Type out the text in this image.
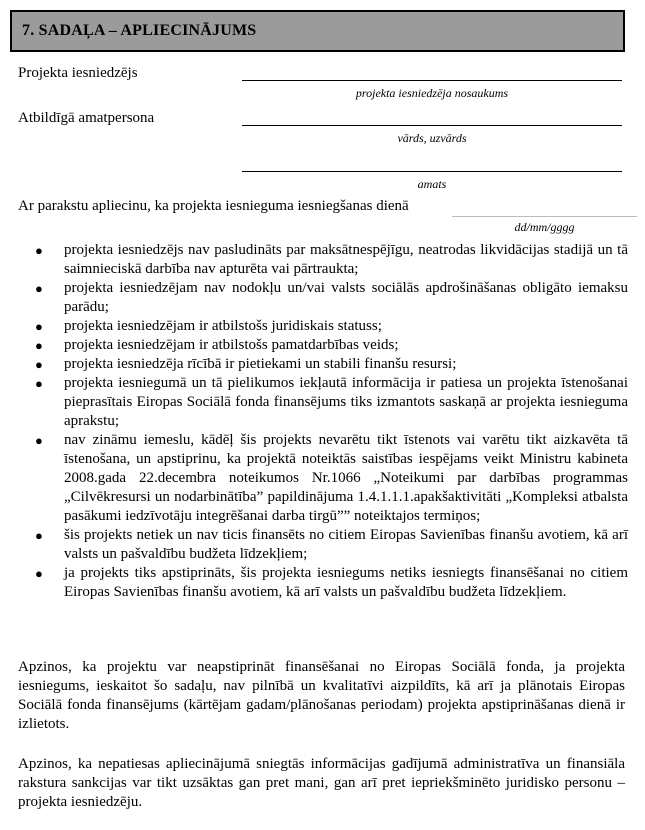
7. SADAĻA – APLIECINĀJUMS
Projekta iesniedzējs
projekta iesniedzēja nosaukums
Atbildīgā amatpersona
vārds, uzvārds
amats
Ar parakstu apliecinu, ka projekta iesnieguma iesniegšanas dienā
dd/mm/gggg
● projekta iesniedzējs nav pasludināts par maksātnespējīgu, neatrodas likvidācijas stadijā un tā saimnieciskā darbība nav apturēta vai pārtraukta;
● projekta iesniedzējam nav nodokļu un/vai valsts sociālās apdrošināšanas obligāto iemaksu parādu;
● projekta iesniedzējam ir atbilstošs juridiskais statuss;
● projekta iesniedzējam ir atbilstošs pamatdarbības veids;
● projekta iesniedzēja rīcībā ir pietiekami un stabili finanšu resursi;
● projekta iesniegumā un tā pielikumos iekļautā informācija ir patiesa un projekta īstenošanai pieprasītais Eiropas Sociālā fonda finansējums tiks izmantots saskaņā ar projekta iesnieguma aprakstu;
● nav zināmu iemeslu, kādēļ šis projekts nevarētu tikt īstenots vai varētu tikt aizkavēta tā īstenošana, un apstiprinu, ka projektā noteiktās saistības iespējams veikt Ministru kabineta 2008.gada 22.decembra noteikumos Nr.1066 „Noteikumi par darbības programmas „Cilvēkresursi un nodarbinātība” papildinājuma 1.4.1.1.1.apakšaktivitāti „Kompleksi atbalsta pasākumi iedzīvotāju integrēšanai darba tirgū”” noteiktajos termiņos;
● šis projekts netiek un nav ticis finansēts no citiem Eiropas Savienības finanšu avotiem, kā arī valsts un pašvaldību budžeta līdzekļiem;
● ja projekts tiks apstiprināts, šis projekta iesniegums netiks iesniegts finansēšanai no citiem Eiropas Savienības finanšu avotiem, kā arī valsts un pašvaldību budžeta līdzekļiem.

Apzinos, ka projektu var neapstiprināt finansēšanai no Eiropas Sociālā fonda, ja projekta iesniegums, ieskaitot šo sadaļu, nav pilnībā un kvalitatīvi aizpildīts, kā arī ja plānotais Eiropas Sociālā fonda finansējums (kārtējam gadam/plānošanas periodam) projekta apstiprināšanas dienā ir izlietots.

Apzinos, ka nepatiesas apliecinājumā sniegtās informācijas gadījumā administratīva un finansiāla rakstura sankcijas var tikt uzsāktas gan pret mani, gan arī pret iepriekšminēto juridisko personu – projekta iesniedzēju.
